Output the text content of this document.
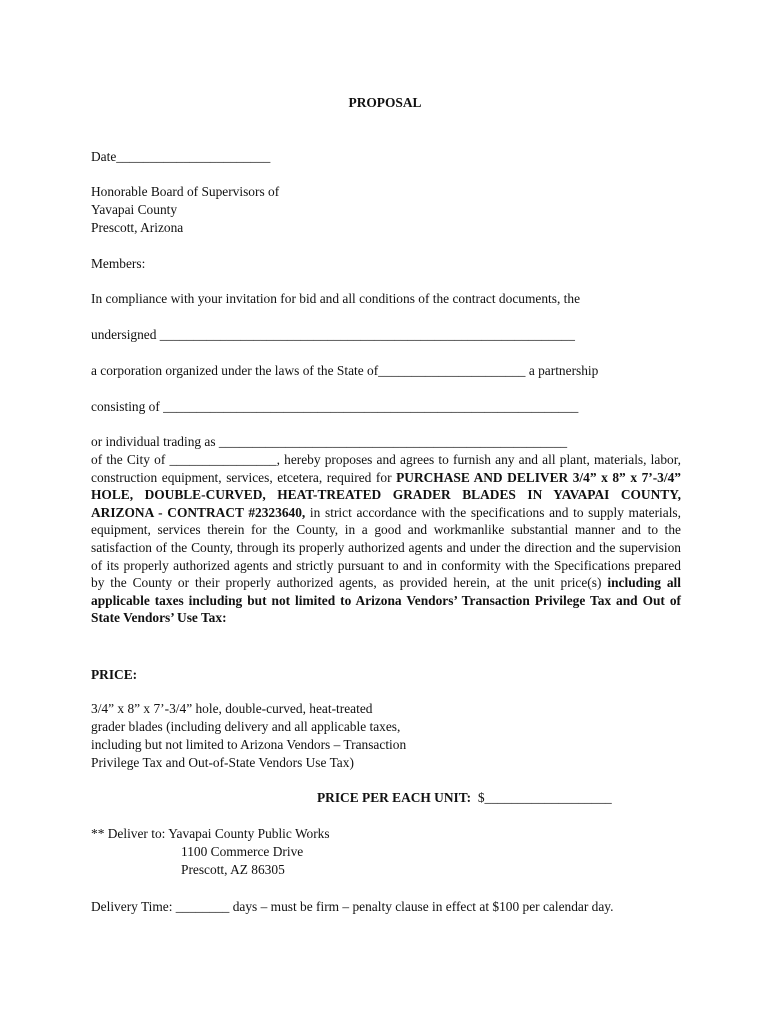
PROPOSAL
Date_______________________
Honorable Board of Supervisors of
Yavapai County
Prescott, Arizona
Members:
In compliance with your invitation for bid and all conditions of the contract documents, the
undersigned ______________________________________________________________
a corporation organized under the laws of the State of______________________ a partnership
consisting of ______________________________________________________________
or individual trading as ____________________________________________________

of the City of ________________, hereby proposes and agrees to furnish any and all plant, materials, labor, construction equipment, services, etcetera, required for PURCHASE AND DELIVER 3/4” x 8” x 7’-3/4” HOLE, DOUBLE-CURVED, HEAT-TREATED GRADER BLADES IN YAVAPAI COUNTY, ARIZONA - CONTRACT #2323640, in strict accordance with the specifications and to supply materials, equipment, services therein for the County, in a good and workmanlike substantial manner and to the satisfaction of the County, through its properly authorized agents and under the direction and the supervision of its properly authorized agents and strictly pursuant to and in conformity with the Specifications prepared by the County or their properly authorized agents, as provided herein, at the unit price(s) including all applicable taxes including but not limited to Arizona Vendors’ Transaction Privilege Tax and Out of State Vendors’ Use Tax:

PRICE:
3/4” x 8” x 7’-3/4” hole, double-curved, heat-treated
grader blades (including delivery and all applicable taxes,
including but not limited to Arizona Vendors – Transaction
Privilege Tax and Out-of-State Vendors Use Tax)
PRICE PER EACH UNIT: $___________________
** Deliver to: Yavapai County Public Works
1100 Commerce Drive
Prescott, AZ 86305
Delivery Time: ________ days – must be firm – penalty clause in effect at $100 per calendar day.
